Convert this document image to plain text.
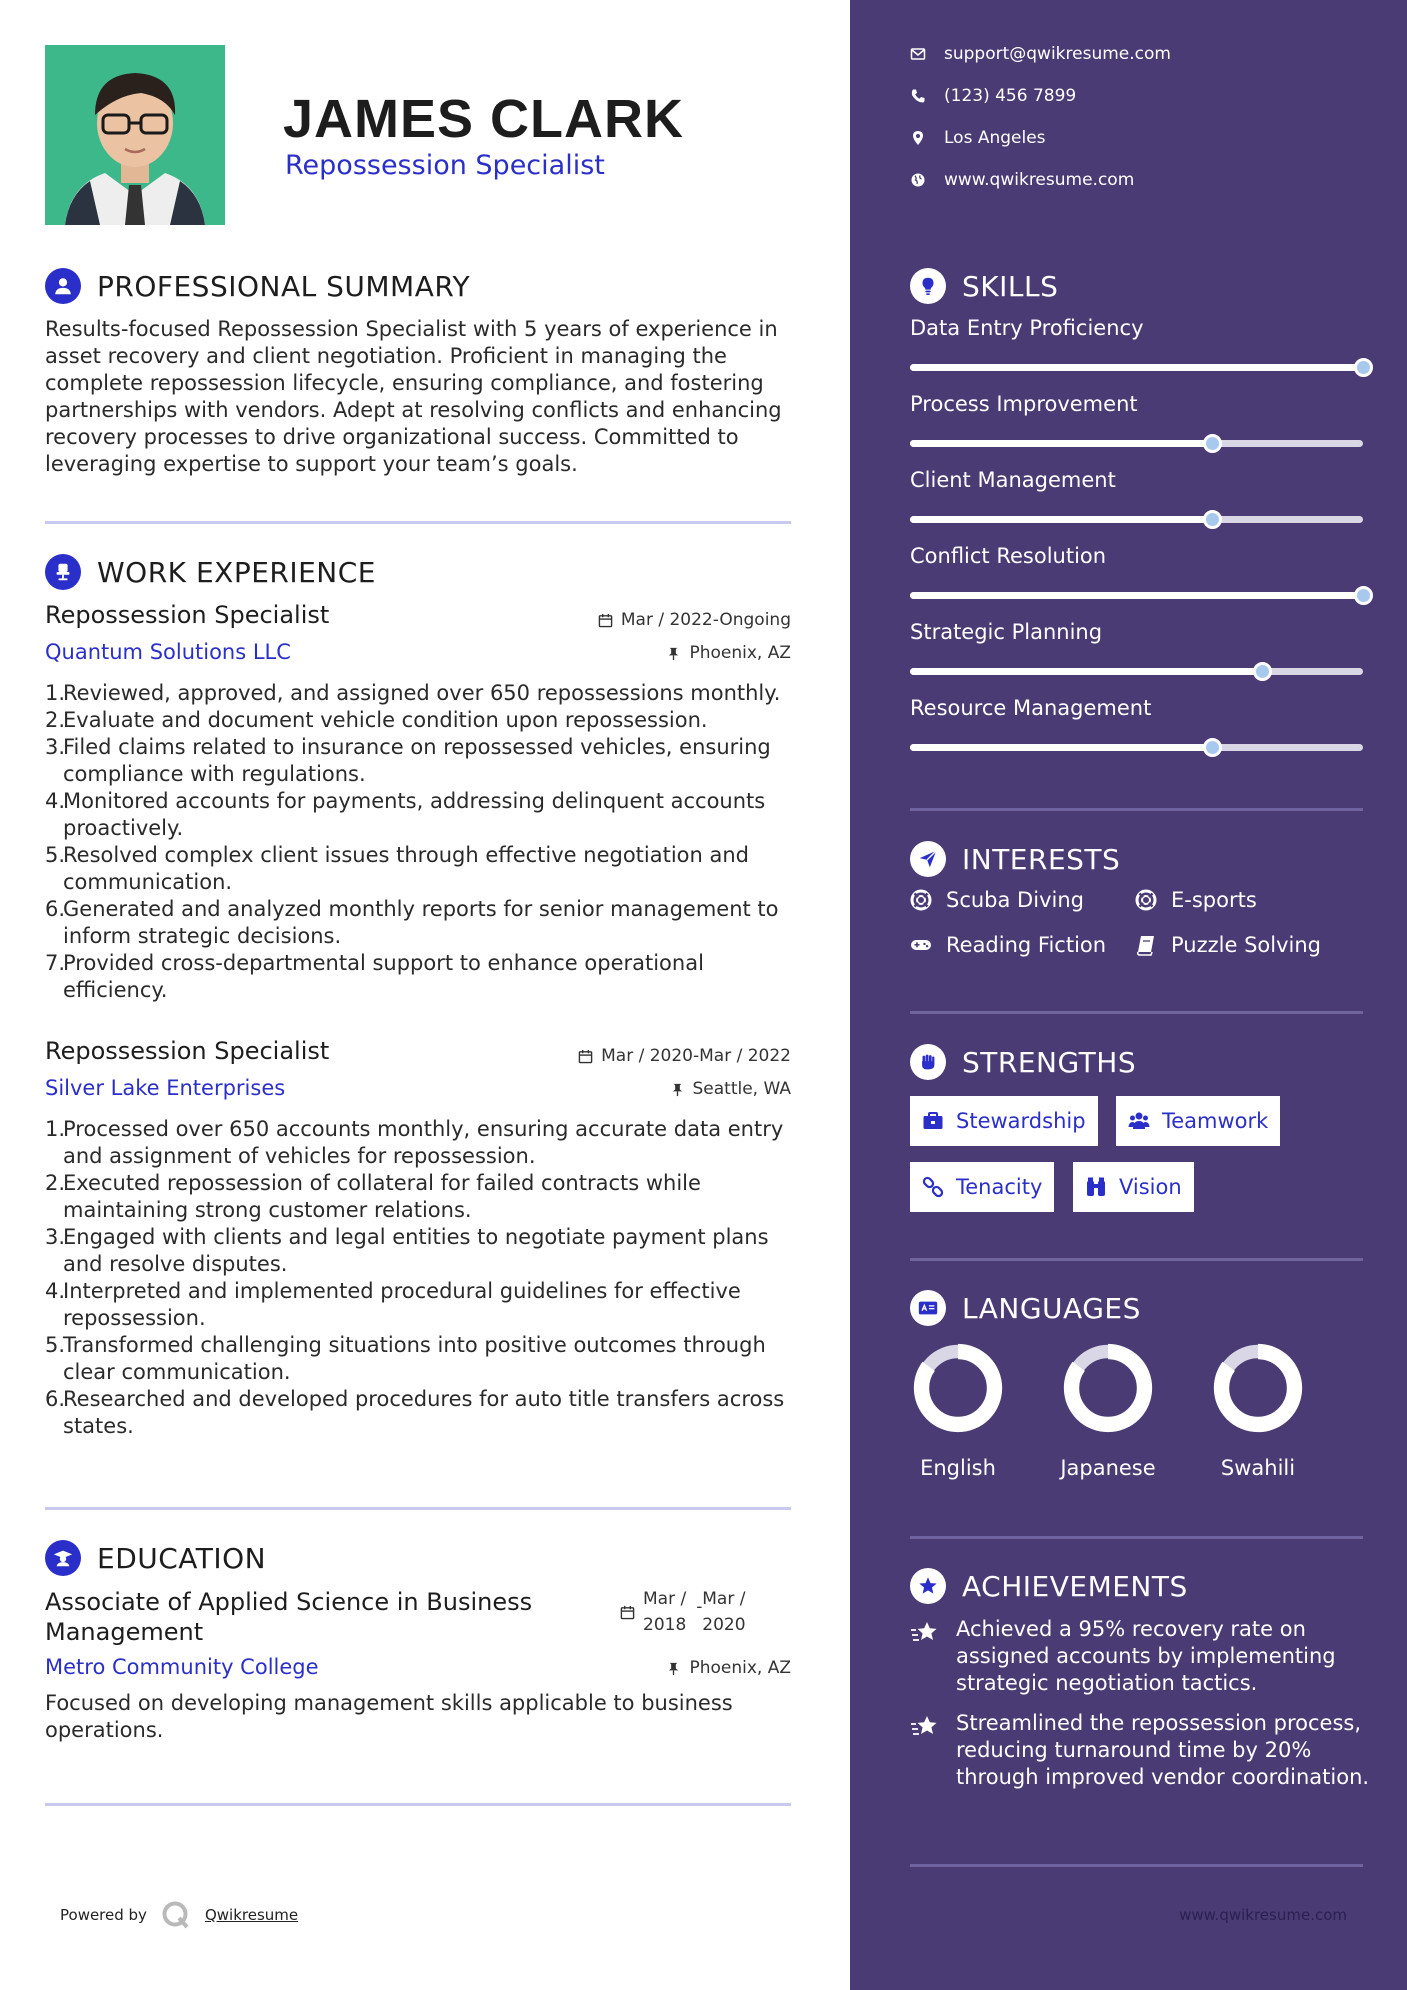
JAMES CLARK
Repossession Specialist
PROFESSIONAL SUMMARY
Results-focused Repossession Specialist with 5 years of experience in asset recovery and client negotiation. Proficient in managing the complete repossession lifecycle, ensuring compliance, and fostering partnerships with vendors. Adept at resolving conflicts and enhancing recovery processes to drive organizational success. Committed to leveraging expertise to support your team’s goals.
WORK EXPERIENCE
Repossession Specialist	Mar / 2022-Ongoing
Quantum Solutions LLC	Phoenix, AZ
1.
Reviewed, approved, and assigned over 650 repossessions monthly.
2.
Evaluate and document vehicle condition upon repossession.
3.
Filed claims related to insurance on repossessed vehicles, ensuring compliance with regulations.
4.
Monitored accounts for payments, addressing delinquent accounts proactively.
5.
Resolved complex client issues through effective negotiation and communication.
6.
Generated and analyzed monthly reports for senior management to inform strategic decisions.
7.
Provided cross-departmental support to enhance operational efficiency.
Repossession Specialist	Mar / 2020-Mar / 2022
Silver Lake Enterprises	Seattle, WA
1.
Processed over 650 accounts monthly, ensuring accurate data entry and assignment of vehicles for repossession.
2.
Executed repossession of collateral for failed contracts while maintaining strong customer relations.
3.
Engaged with clients and legal entities to negotiate payment plans and resolve disputes.
4.
Interpreted and implemented procedural guidelines for effective repossession.
5.
Transformed challenging situations into positive outcomes through clear communication.
6.
Researched and developed procedures for auto title transfers across states.
EDUCATION
Associate of Applied Science in Business Management
Mar /
2018
- Mar /
2020
Metro Community College	Phoenix, AZ
Focused on developing management skills applicable to business operations.
Powered by	Qwikresume
support@qwikresume.com
(123) 456 7899
Los Angeles
www.qwikresume.com
SKILLS
Data Entry Proficiency
Process Improvement
Client Management
Conflict Resolution
Strategic Planning
Resource Management
INTERESTS
Scuba Diving	E-sports
Reading Fiction	Puzzle Solving
STRENGTHS
Stewardship	Teamwork
Tenacity	Vision
LANGUAGES
English	Japanese	Swahili
ACHIEVEMENTS
Achieved a 95% recovery rate on assigned accounts by implementing strategic negotiation tactics.
Streamlined the repossession process, reducing turnaround time by 20% through improved vendor coordination.
www.qwikresume.com
